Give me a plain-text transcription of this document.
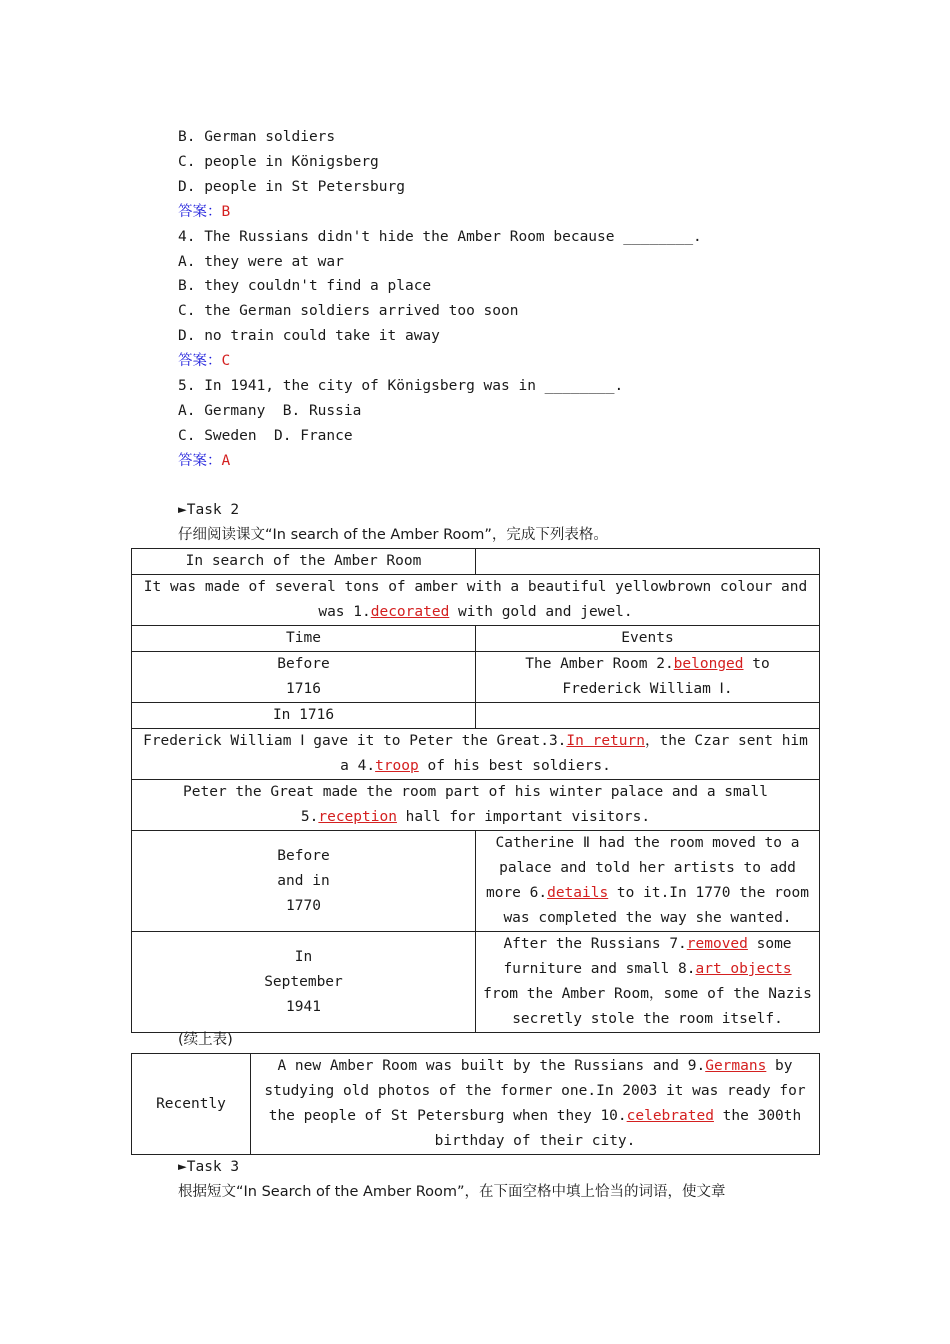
B. German soldiers
C. people in Königsberg
D. people in St Petersburg
答案：B
4. The Russians didn't hide the Amber Room because ________.
A. they were at war
B. they couldn't find a place
C. the German soldiers arrived too soon
D. no train could take it away
答案：C
5. In 1941, the city of Königsberg was in ________.
A. Germany  B. Russia
C. Sweden  D. France
答案：A
►Task 2
仔细阅读课文“In search of the Amber Room”，完成下列表格。
In search of the Amber Room	
It was made of several tons of amber with a beautiful yellowbrown colour and was 1.decorated with gold and jewel.	
Time	Events
Before
1716	The Amber Room 2.belonged to Frederick William Ⅰ.
In 1716	
Frederick William Ⅰ gave it to Peter the Great.3.In return，the Czar sent him a 4.troop of his best soldiers.	
Peter the Great made the room part of his winter palace and a small 5.reception hall for important visitors.	
Before
and in
1770	Catherine Ⅱ had the room moved to a palace and told her artists to add more 6.details to it.In 1770 the room was completed the way she wanted.
In
September
1941	After the Russians 7.removed some furniture and small 8.art objects from the Amber Room，some of the Nazis secretly stole the room itself.
(续上表)
Recently	A new Amber Room was built by the Russians and 9.Germans by studying old photos of the former one.In 2003 it was ready for the people of St Petersburg when they 10.celebrated the 300th birthday of their city.
►Task 3
根据短文“In Search of the Amber Room”，在下面空格中填上恰当的词语，使文章
